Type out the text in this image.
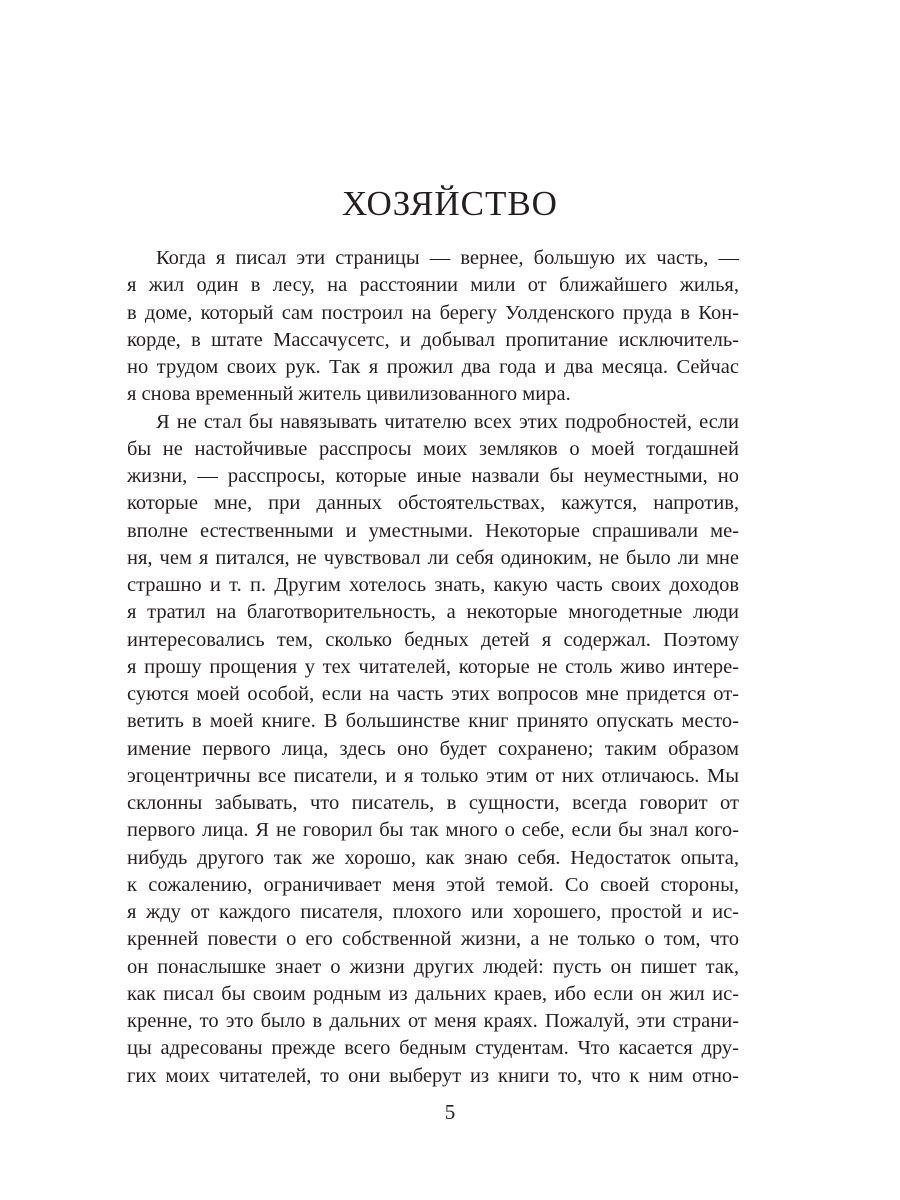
ХОЗЯЙСТВО
Когда я писал эти страницы — вернее, большую их часть, —
я жил один в лесу, на расстоянии мили от ближайшего жилья,
в доме, который сам построил на берегу Уолденского пруда в Кон-
корде, в штате Массачусетс, и добывал пропитание исключитель-
но трудом своих рук. Так я прожил два года и два месяца. Сейчас
я снова временный житель цивилизованного мира.
Я не стал бы навязывать читателю всех этих подробностей, если
бы не настойчивые расспросы моих земляков о моей тогдашней
жизни, — расспросы, которые иные назвали бы неуместными, но
которые мне, при данных обстоятельствах, кажутся, напротив,
вполне естественными и уместными. Некоторые спрашивали ме-
ня, чем я питался, не чувствовал ли себя одиноким, не было ли мне
страшно и т. п. Другим хотелось знать, какую часть своих доходов
я тратил на благотворительность, а некоторые многодетные люди
интересовались тем, сколько бедных детей я содержал. Поэтому
я прошу прощения у тех читателей, которые не столь живо интере-
суются моей особой, если на часть этих вопросов мне придется от-
ветить в моей книге. В большинстве книг принято опускать место-
имение первого лица, здесь оно будет сохранено; таким образом
эгоцентричны все писатели, и я только этим от них отличаюсь. Мы
склонны забывать, что писатель, в сущности, всегда говорит от
первого лица. Я не говорил бы так много о себе, если бы знал кого-
нибудь другого так же хорошо, как знаю себя. Недостаток опыта,
к сожалению, ограничивает меня этой темой. Со своей стороны,
я жду от каждого писателя, плохого или хорошего, простой и ис-
кренней повести о его собственной жизни, а не только о том, что
он понаслышке знает о жизни других людей: пусть он пишет так,
как писал бы своим родным из дальних краев, ибо если он жил ис-
кренне, то это было в дальних от меня краях. Пожалуй, эти страни-
цы адресованы прежде всего бедным студентам. Что касается дру-
гих моих читателей, то они выберут из книги то, что к ним отно-
5
